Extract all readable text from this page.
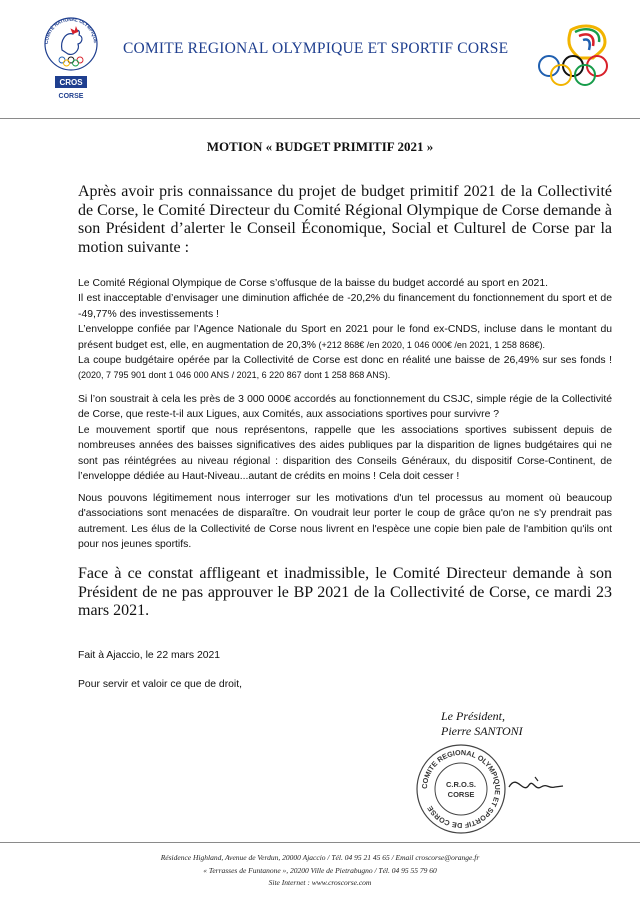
COMITÉ NATIONAL OLYMPIQUE
CROS
CORSE
COMITE REGIONAL OLYMPIQUE ET SPORTIF CORSE
MOTION « BUDGET PRIMITIF 2021 »
Après avoir pris connaissance du projet de budget primitif 2021 de la Collectivité de Corse, le Comité Directeur du Comité Régional Olympique de Corse demande à son Président d’alerter le Conseil Économique, Social et Culturel de Corse par la motion suivante :

Le Comité Régional Olympique de Corse s’offusque de la baisse du budget accordé au sport en 2021.

Il est inacceptable d’envisager une diminution affichée de -20,2% du financement du fonctionnement du sport et de -49,77% des investissements !

L’enveloppe confiée par l’Agence Nationale du Sport en 2021 pour le fond ex-CNDS, incluse dans le montant du présent budget est, elle, en augmentation de 20,3% (+212 868€ /en 2020, 1 046 000€ /en 2021, 1 258 868€).

La coupe budgétaire opérée par la Collectivité de Corse est donc en réalité une baisse de 26,49% sur ses fonds ! (2020, 7 795 901 dont 1 046 000 ANS / 2021, 6 220 867 dont 1 258 868 ANS).

Si l’on soustrait à cela les près de 3 000 000€ accordés au fonctionnement du CSJC, simple régie de la Collectivité de Corse, que reste-t-il aux Ligues, aux Comités, aux associations sportives pour survivre ?

Le mouvement sportif que nous représentons, rappelle que les associations sportives subissent depuis de nombreuses années des baisses significatives des aides publiques par la disparition de lignes budgétaires qui ne sont pas réintégrées au niveau régional : disparition des Conseils Généraux, du dispositif Corse-Continent, de l’enveloppe dédiée au Haut-Niveau...autant de crédits en moins ! Cela doit cesser !

Nous pouvons légitimement nous interroger sur les motivations d'un tel processus au moment où beaucoup d'associations sont menacées de disparaître. On voudrait leur porter le coup de grâce qu'on ne s'y prendrait pas autrement. Les élus de la Collectivité de Corse nous livrent en l'espèce une copie bien pale de l'ambition qu'ils ont pour nos jeunes sportifs.
Face à ce constat affligeant et inadmissible, le Comité Directeur demande à son Président de ne pas approuver le BP 2021 de la Collectivité de Corse, ce mardi 23 mars 2021.
Fait à Ajaccio, le 22 mars 2021
Pour servir et valoir ce que de droit,
Le Président,
Pierre SANTONI
COMITE REGIONAL OLYMPIQUE ET SPORTIF DE CORSE
C.R.O.S.
CORSE
Résidence Highland, Avenue de Verdun, 20000 Ajaccio / Tél. 04 95 21 45 65 / Email croscorse@orange.fr
« Terrasses de Funtanone », 20200 Ville de Pietrabugno / Tél. 04 95 55 79 60
Site Internet : www.croscorse.com
